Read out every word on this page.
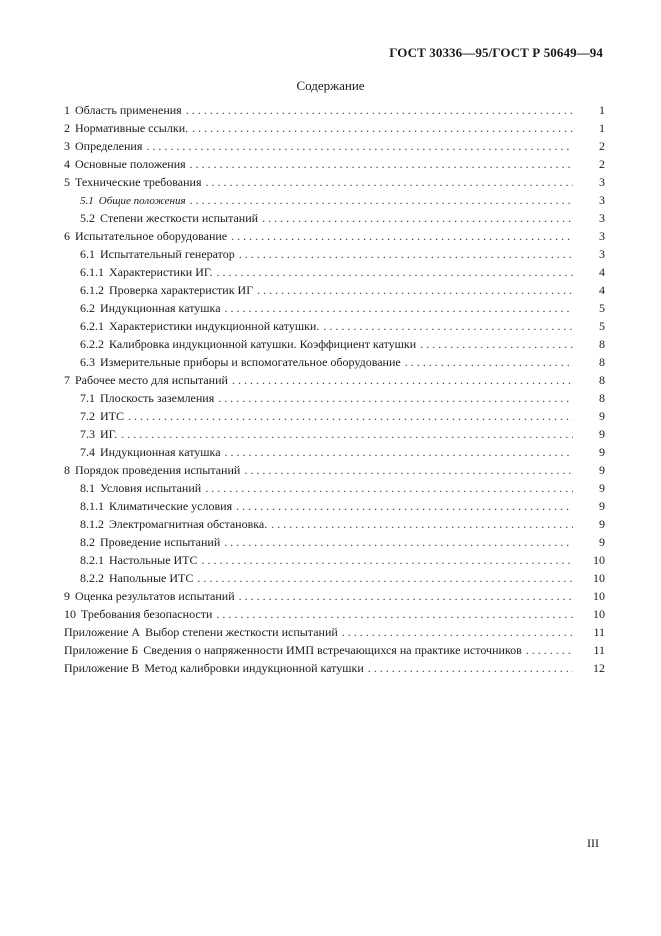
ГОСТ 30336—95/ГОСТ Р 50649—94
Содержание
1 Область применения . . .	1
2 Нормативные ссылки. . . .	1
3 Определения . . .	2
4 Основные положения . . .	2
5 Технические требования . . .	3
5.1 Общие положения . . .	3
5.2 Степени жесткости испытаний . . .	3
6 Испытательное оборудование . . .	3
6.1 Испытательный генератор . . .	3
6.1.1 Характеристики ИГ. . . .	4
6.1.2 Проверка характеристик ИГ . . .	4
6.2 Индукционная катушка . . .	5
6.2.1 Характеристики индукционной катушки. . . .	5
6.2.2 Калибровка индукционной катушки. Коэффициент катушки . . .	8
6.3 Измерительные приборы и вспомогательное оборудование . . .	8
7 Рабочее место для испытаний . . .	8
7.1 Плоскость заземления . . .	8
7.2 ИТС . . .	9
7.3 ИГ. . . .	9
7.4 Индукционная катушка . . .	9
8 Порядок проведения испытаний . . .	9
8.1 Условия испытаний . . .	9
8.1.1 Климатические условия . . .	9
8.1.2 Электромагнитная обстановка. . . .	9
8.2 Проведение испытаний . . .	9
8.2.1 Настольные ИТС . . .	10
8.2.2 Напольные ИТС . . .	10
9 Оценка результатов испытаний . . .	10
10 Требования безопасности . . .	10
Приложение А Выбор степени жесткости испытаний . . .	11
Приложение Б Сведения о напряженности ИМП встречающихся на практике источников . . .	11
Приложение В Метод калибровки индукционной катушки . . .	12
III
